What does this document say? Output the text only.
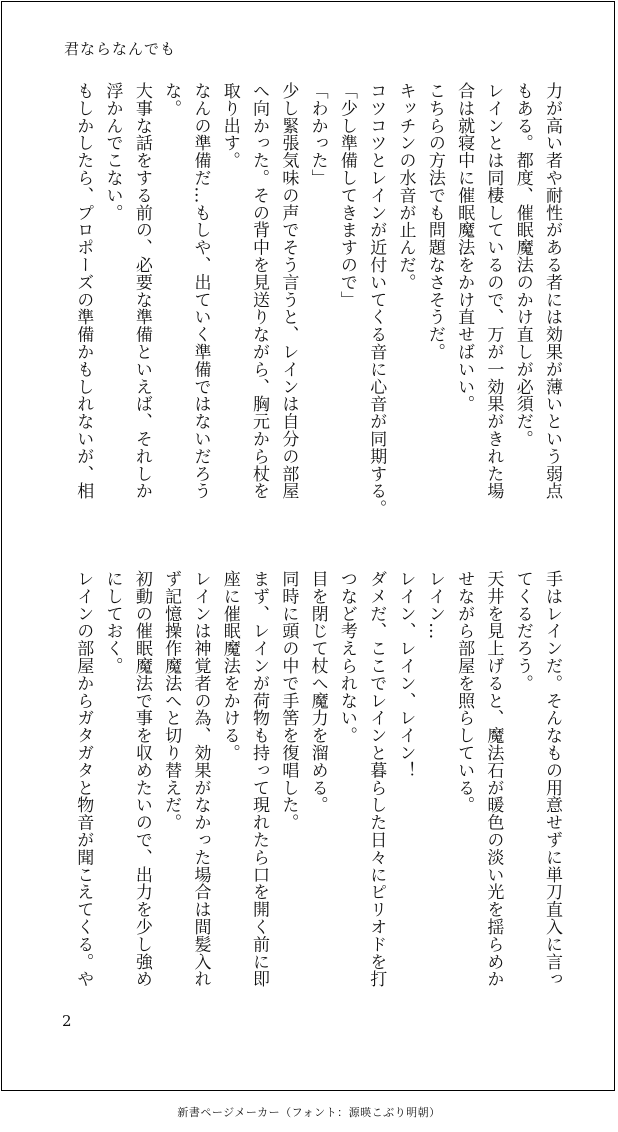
君ならなんでも
力が高い者や耐性がある者には効果が薄いという弱点
もある。都度、催眠魔法のかけ直しが必須だ。
レインとは同棲しているので、万が一効果がきれた場
合は就寝中に催眠魔法をかけ直せばいい。
こちらの方法でも問題なさそうだ。
キッチンの水音が止んだ。
コツコツとレインが近付いてくる音に心音が同期する。
「少し準備してきますので」
「わかった」
少し緊張気味の声でそう言うと、レインは自分の部屋
へ向かった。その背中を見送りながら、胸元から杖を
取り出す。
なんの準備だ…もしや、出ていく準備ではないだろう
な。
大事な話をする前の、必要な準備といえば、それしか
浮かんでこない。
もしかしたら、プロポーズの準備かもしれないが、相
手はレインだ。そんなもの用意せずに単刀直入に言っ
てくるだろう。
天井を見上げると、魔法石が暖色の淡い光を揺らめか
せながら部屋を照らしている。
レイン…
レイン、レイン、レイン！
ダメだ、ここでレインと暮らした日々にピリオドを打
つなど考えられない。
目を閉じて杖へ魔力を溜める。
同時に頭の中で手筈を復唱した。
まず、レインが荷物も持って現れたら口を開く前に即
座に催眠魔法をかける。
レインは神覚者の為、効果がなかった場合は間髪入れ
ず記憶操作魔法へと切り替えだ。
初動の催眠魔法で事を収めたいので、出力を少し強め
にしておく。
レインの部屋からガタガタと物音が聞こえてくる。や
2
新書ページメーカー（フォント：源暎こぶり明朝）
